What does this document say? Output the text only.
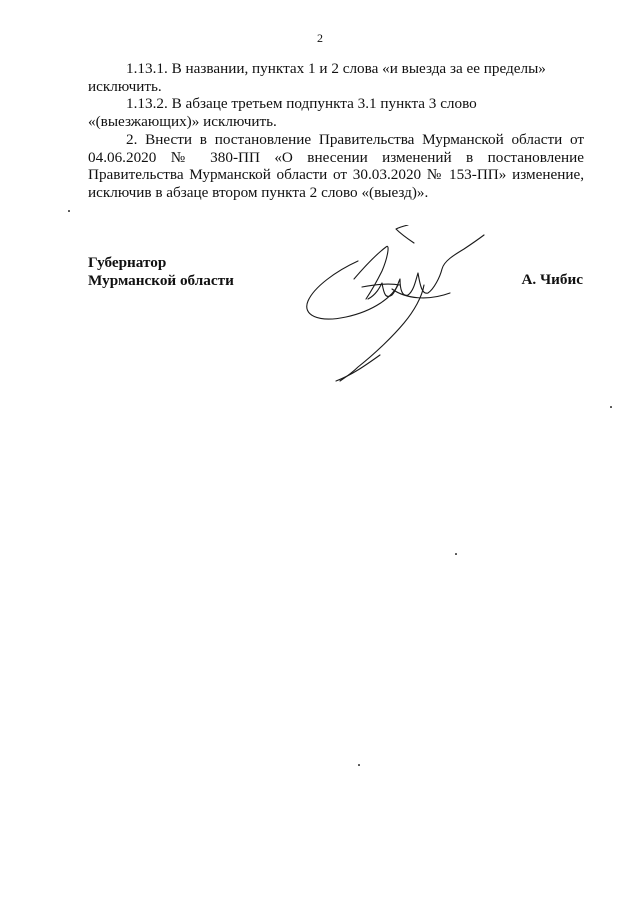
2

1.13.1. В названии, пунктах 1 и 2 слова «и выезда за ее пределы» исключить.

1.13.2. В абзаце третьем подпункта 3.1 пункта 3 слово «(выезжающих)» исключить.

2. Внести в постановление Правительства Мурманской области от 04.06.2020 № 380-ПП «О внесении изменений в постановление Правительства Мурманской области от 30.03.2020 № 153-ПП» изменение, исключив в абзаце втором пункта 2 слово «(выезд)».

Губернатор
Мурманской области	А. Чибис
